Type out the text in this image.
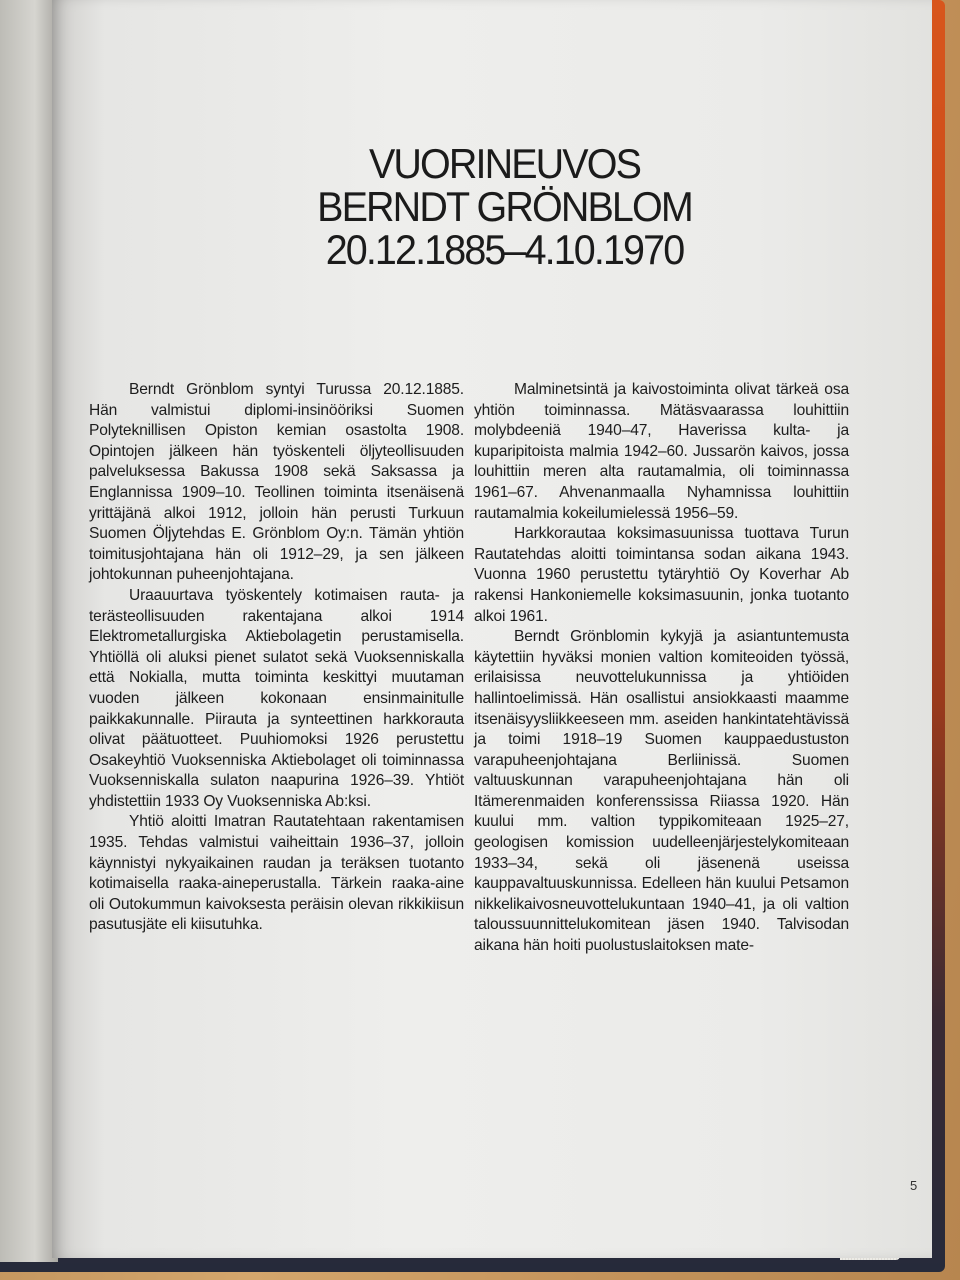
VUORINEUVOS
BERNDT GRÖNBLOM
20.12.1885–4.10.1970

Berndt Grönblom syntyi Turussa 20.12.1885. Hän valmistui diplomi-insinööriksi Suomen Polyteknillisen Opiston kemian osastolta 1908. Opintojen jälkeen hän työskenteli öljyteollisuuden palveluksessa Bakussa 1908 sekä Saksassa ja Englannissa 1909–10. Teollinen toiminta itsenäisenä yrittäjänä alkoi 1912, jolloin hän perusti Turkuun Suomen Öljytehdas E. Grönblom Oy:n. Tämän yhtiön toimitusjohtajana hän oli 1912–29, ja sen jälkeen johtokunnan puheenjohtajana.

Uraauurtava työskentely kotimaisen rauta- ja terästeollisuuden rakentajana alkoi 1914 Elektrometallurgiska Aktiebolagetin perustamisella. Yhtiöllä oli aluksi pienet sulatot sekä Vuoksenniskalla että Nokialla, mutta toiminta keskittyi muutaman vuoden jälkeen kokonaan ensinmainitulle paikkakunnalle. Piirauta ja synteettinen harkkorauta olivat päätuotteet. Puuhiomoksi 1926 perustettu Osakeyhtiö Vuoksenniska Aktiebolaget oli toiminnassa Vuoksenniskalla sulaton naapurina 1926–39. Yhtiöt yhdistettiin 1933 Oy Vuoksenniska Ab:ksi.

Yhtiö aloitti Imatran Rautatehtaan rakentamisen 1935. Tehdas valmistui vaiheittain 1936–37, jolloin käynnistyi nykyaikainen raudan ja teräksen tuotanto kotimaisella raaka-aineperustalla. Tärkein raaka-aine oli Outokummun kaivoksesta peräisin olevan rikkikiisun pasutusjäte eli kiisutuhka.

Malminetsintä ja kaivostoiminta olivat tärkeä osa yhtiön toiminnassa. Mätäsvaarassa louhittiin molybdeeniä 1940–47, Haverissa kulta- ja kuparipitoista malmia 1942–60. Jussarön kaivos, jossa louhittiin meren alta rautamalmia, oli toiminnassa 1961–67. Ahvenanmaalla Nyhamnissa louhittiin rautamalmia kokeilumielessä 1956–59.

Harkkorautaa koksimasuunissa tuottava Turun Rautatehdas aloitti toimintansa sodan aikana 1943. Vuonna 1960 perustettu tytäryhtiö Oy Koverhar Ab rakensi Hankoniemelle koksimasuunin, jonka tuotanto alkoi 1961.

Berndt Grönblomin kykyjä ja asiantuntemusta käytettiin hyväksi monien valtion komiteoiden työssä, erilaisissa neuvottelukunnissa ja yhtiöiden hallintoelimissä. Hän osallistui ansiokkaasti maamme itsenäisyysliikkeeseen mm. aseiden hankintatehtävissä ja toimi 1918–19 Suomen kauppaedustuston varapuheenjohtajana Berliinissä. Suomen valtuuskunnan varapuheenjohtajana hän oli Itämerenmaiden konferenssissa Riiassa 1920. Hän kuului mm. valtion typpikomiteaan 1925–27, geologisen komission uudelleenjärjestelykomiteaan 1933–34, sekä oli jäsenenä useissa kauppavaltuuskunnissa. Edelleen hän kuului Petsamon nikkelikaivosneuvottelukuntaan 1940–41, ja oli valtion taloussuunnittelukomitean jäsen 1940. Talvisodan aikana hän hoiti puolustuslaitoksen mate-

5
